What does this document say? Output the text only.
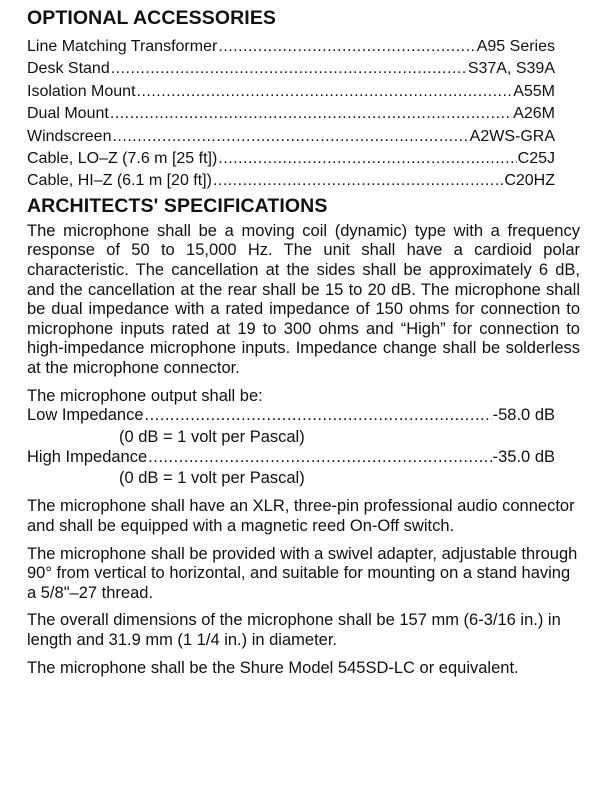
OPTIONAL ACCESSORIES
Line Matching Transformer .....	A95 Series
Desk Stand .....	S37A, S39A
Isolation Mount .....	A55M
Dual Mount .....	A26M
Windscreen .....	A2WS-GRA
Cable, LO–Z (7.6 m [25 ft]) .....	C25J
Cable, HI–Z (6.1 m [20 ft]) .....	C20HZ
ARCHITECTS' SPECIFICATIONS

The microphone shall be a moving coil (dynamic) type with a frequency response of 50 to 15,000 Hz. The unit shall have a cardioid polar characteristic. The cancellation at the sides shall be approximately 6 dB, and the cancellation at the rear shall be 15 to 20 dB. The microphone shall be dual impedance with a rated impedance of 150 ohms for connection to microphone inputs rated at 19 to 300 ohms and “High” for connection to high-impedance microphone inputs. Impedance change shall be solderless at the microphone connector.

The microphone output shall be:

Low Impedance .....	-58.0 dB
(0 dB = 1 volt per Pascal)
High Impedance .....	-35.0 dB
(0 dB = 1 volt per Pascal)

The microphone shall have an XLR, three-pin professional audio connector and shall be equipped with a magnetic reed On-Off switch.

The microphone shall be provided with a swivel adapter, adjustable through 90° from vertical to horizontal, and suitable for mounting on a stand having a 5/8"–27 thread.

The overall dimensions of the microphone shall be 157 mm (6-3/16 in.) in length and 31.9 mm (1 1/4 in.) in diameter.

The microphone shall be the Shure Model 545SD-LC or equivalent.
